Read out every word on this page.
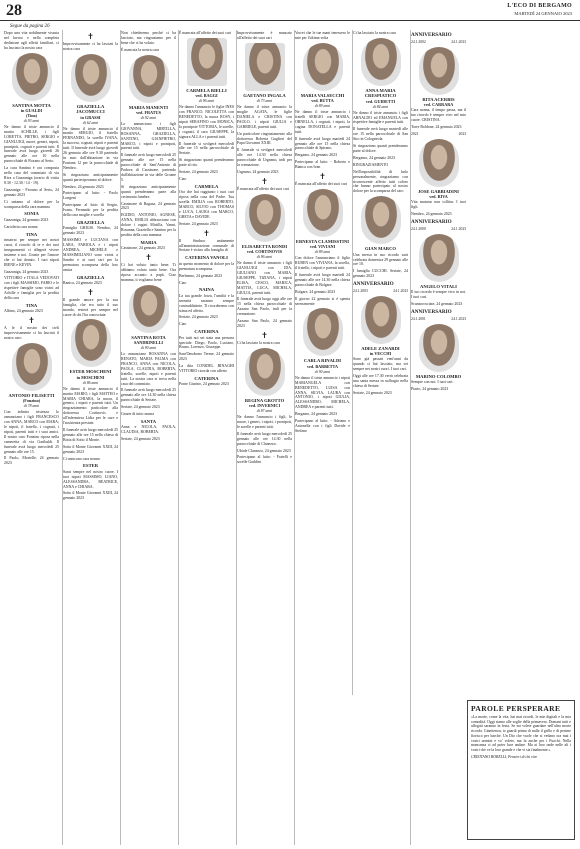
28	L'ECO DI BERGAMO
MARTEDÌ 24 GENNAIO 2023
Segue da pagina 26
Dopo una vita nobilmente vissuta nel lavoro e nella completa dedizione agli affetti familiari, ci ha lasciato la nostra cara
SANTINA MOTTA
in GUALDI
(Tina)
di 93 anni
Ne danno il triste annuncio il marito ACHILLE, i figli LORETTA, PIETRO, SERGIO e GIANLUIGI, nuore, generi, nipoti, pronipoti, cognati e parenti tutti. Il funerale avrà luogo giovedì 26 gennaio alle ore 10 nella parrocchiale di Fiorano al Serio.
La cara Santina è ora composta nella casa del commiato di via Riva a Gazzaniga (orario di visita 8.30 - 12.30 / 14 - 19).
Gazzaniga - Fiorano al Serio, 24 gennaio 2023
Ci uniamo al dolore per la scomparsa della cara mamma
SONIA
Gazzaniga, 24 gennaio 2023
Cartoleria cara nonna
TINA
rimarrai per sempre nei nostri cuori, il ricordo di te e dei tuoi insegnamenti ci allegerà vivere insieme a noi. Grazie per l'amore che ci hai donato. I tuoi nipoti IRENE e KEVIN.
Gazzaniga, 24 gennaio 2023
VITTORIO e ITALA VEDOVATI con i figli MASSIMO, FABIO e le rispettive famiglie sono vicini ad Achille e famiglia per la perdita della cara
TINA
Albino, 24 gennaio 2023
✝
A le il nostro dei cieli improvvisamente ci ha lasciati il nostro caro
ANTONIO FILISETTI
(Fonzino)
di 78 anni
Con infinita tristezza lo annunciano i figli FRANCESCO con ANNA, MARCO con MARA; le nipoti, il fratello, i cognati, i nipoti, parenti tutti e i suoi amici. Il nostro caro Fonzino riposa nella cameretta di via Garibaldi. Il funerale avrà luogo mercoledì 25 gennaio alle ore 15.
Il Paolo, Mortelle, 24 gennaio 2023
✝
Improvvisamente ci ha lasciati la nostra cara
GRAZIELLA JACOMUCCI
in GRASSI
di 62 anni
Ne danno il triste annuncio il marito SERGIO, il fratello FERNANDO, la sorella IVANA, la suocera, cognati, nipoti e parenti tutti. Il funerale avrà luogo giovedì 26 gennaio alle ore 9.30 partendo in auto dall'abitazione in via Fontana 12 per la parrocchiale di Nembro.
Si ringraziano anticipatamente quanti parteciperanno al dolore.
Nembro, 24 gennaio 2023
Partecipano al lutto: - Paolo Longeni
Partecipano al lutto di Sergio, Ivana, Fernando per la perdita della cara moglie e sorella
GRAZIELLA
Famiglia GRIGIS. Nembro, 24 gennaio 2023
MASSIMO e LUCIANA con LARA, FABIOLA e i nipoti ANDREA, MICHELE e MASSIMILIANO sono vicini a Sandro e ai suoi cari per la prematura scomparsa della loro amica
GRAZIELLA
Ranica, 24 gennaio 2023
✝
Il grande amore per la sua famiglia, che era tutto il suo mondo, resterà per sempre nel cuore di chi l'ha conosciuta.
ESTER MOSCHENI
in MOSCHENI
di 86 anni
Ne danno il triste annuncio il marito MARIO, i figli MATTEO e MARIA CHIARA, la nuora, il genero, i nipoti e parenti tutti. Un ringraziamento particolare alla dottoressa Cortinovis e all'infermiera Lidia per le cure e l'assistenza prestate.
Il funerale avrà luogo mercoledì 25 gennaio alle ore 15 nella chiesa di Botta di Sotto il Monte.
Sotto il Monte Giovanni XXIII, 24 gennaio 2023
Ci uniscono cara nonna
ESTER
Sarai sempre nel nostro cuore. I tuoi nipoti MASSIMO, LIANO, ALESSANDRA, BEATRICE, ANNA e CHIARA.
Sotto il Monte Giovanni XXIII, 24 gennaio 2023
Non chiederemo perché ci ha lasciato, ma ringraziamo per il bene che ci ha voluto.
È mancata la nostra cara
MARIA MANENTI
ved. FRATUS
di 92 anni
Lo annunciano i figli GIOVANNA, MIRTILLA, ROSANNA, GRAZIELLA, SANTINO, GIANPIETRO, MARCO, i nipoti e pronipoti, parenti tutti.
Il funerale avrà luogo mercoledì 25 gennaio alle ore 15 nella parrocchiale di Sant'Antonio di Padova di Cassinone, partendo dall'abitazione in via delle Groane 5.
Si ringraziano anticipatamente quanti prenderanno parte alla cerimonia funebre.
Cassinone di Ragusa, 24 gennaio 2023
EGIDIO, ANTONIO, AGNESE, ANNA, EMILIA abbracciano con dolore i cugini Mirtilla, Vanni, Rosanna, Graziella e Santino per la perdita della cara mamma
MARIA
Cassinone, 24 gennaio 2023
✝
Ci hai voluto tanto bene. Ti abbiamo voluto tanto bene. Ora riposa accanto a papà. Ciao mamma, ti vogliamo bene
SANTINA ROTA
SANDRINELLI
di 90 anni
Lo annunciano ROSANNA con RENATO, MARIA PALMA con FRANCO, ANNA con NICOLA, PAOLA, CLAUDIA, ROBERTA, fratello, sorelle, nipoti e parenti tutti. La nostra cara si trova nella casa del commiato.
Il funerale avrà luogo mercoledì 25 gennaio alle ore 14.30 nella chiesa parrocchiale di Seriate.
Seriate, 24 gennaio 2023
Grazie di tutto nonna
SANTA
Anna e NICOLA, PAOLA, CLAUDIA, ROBERTA.
Seriate, 24 gennaio 2023
È mancata all'affetto dei suoi cari
CARMELA BIELLI
ved. BAGGI
di 96 anni
Ne danno l'annuncio le figlie INES con FRANCO, NICOLETTA con BENEDETTO, la nuora ROSY, i nipoti SERAFINO con MONICA, la pronipote VITTORIA, le sorelle, i cognati, il caro GIUSEPPE, la signora ALLA e i parenti tutti.
Il funerale si svolgerà mercoledì alle ore 15 nella parrocchiale di Seriate.
Si ringraziano quanti prenderanno parte al rito.
Seriate, 24 gennaio 2023
Ciao
CARMELA
Ora che hai raggiunto i tuoi cari riposa nella casa del Padre. Tua sorella EMILIA con ROBERTO, MARCO, SILVIO con THOMAS e LUCA, LAURA con MARCO, GRETA e DAVIDE.
Seriate, 24 gennaio 2023
✝
Il Sindaco unitamente all'amministrazione comunale di Seriate è vicino alla famiglia di
CATERINA VANOLI
in questo momento di dolore per la prematura scomparsa.
Berbenno, 24 gennaio 2023
Ciao
NAINA
La tua grande forza, l'umiltà e la serenità saranno sempre contraddistinte. Ti ricorderemo con stima ed affetto.
Seriate, 24 gennaio 2023
Ciao
CATERINA
Per tutti noi sei stata una persona speciale. Diego, Paolo, Luciano, Bruno, Lorenzo, Giuseppe.
Sant'Omobono Terme, 24 gennaio 2023
La dita CONIDEL BINAGHI VITTORIO ricorda con affetto
CATERINA
Ponte Giurino, 24 gennaio 2023
Improvvisamente è mancato all'affetto dei suoi cari
GAETANO INGALA
di 73 anni
Ne danno il triste annuncio la moglie AGATA, le figlie DANIELA e CRISTINA con PAOLO, i nipoti GIULIA e GABRIELE, parenti tutti.
Un particolare ringraziamento alla dottoressa Roberta Guglieri del Papa Giovanni XXIII.
Il funerale si svolgerà mercoledì alle ore 14.30 nella chiesa parrocchiale di Urgnano, indi per la cremazione.
Urgnano, 24 gennaio 2023
✝
È mancata all'affetto dei suoi cari
ELISABETTA RONDI
ved. CORTINOVIS
di 96 anni
Ne danno il triste annuncio i figli GIANLUIGI con IDA, GIULIANO con MARIA, GIUSEPPE, TIZIANA, i nipoti ELISA, CESCO, MARICA, MATTIA, LUCA, MICHELA, GIULIA, parenti tutti.
Il funerale avrà luogo oggi alle ore 15 nella chiesa parrocchiale di Azzano San Paolo, indi per la cremazione.
Azzano San Paolo, 24 gennaio 2023
✝
Ci ha lasciato la nostra cara
REGINA GROTTO
ved. INVERNICI
di 87 anni
Ne danno l'annuncio i figli, le nuore, i generi, i nipoti, i pronipoti, le sorelle e parenti tutti.
Il funerale avrà luogo mercoledì 25 gennaio alle ore 14.30 nella parrocchiale di Clanezzo.
Ubiale Clanezzo, 24 gennaio 2023
Partecipano al lutto: - Fratelli e sorelle Gaddini
Vorrei che le tue mani tenessero le mie per l'ultima volta
MARIA VALSECCHI
ved. BUTTA
di 89 anni
Ne danno il triste annuncio i fratelli SERGIO con MARIA, ORNELLA, i cognati, i nipoti, la cugina DONATELLA e parenti tutti.
Il funerale avrà luogo martedì 24 gennaio alle ore 15 nella chiesa parrocchiale di Spirano.
Bergamo, 24 gennaio 2023
Partecipano al lutto: - Roberto e Bianca con Ivan
✝
È mancata all'affetto dei suoi cari
ERNESTA CLAMISSTINI
ved. VIVIANI
di 89 anni
Con dolore l'annunciano il figlio RUBEN con VIVIANA, la sorella, il fratello, i nipoti e parenti tutti.
Il funerale avrà luogo martedì 24 gennaio alle ore 14.30 nella chiesa parrocchiale di Bolgare.
Bolgare, 24 gennaio 2023
Il giorno 22 gennaio si è spenta serenamente
CARLA RINALDI
ved. BARBETTA
di 90 anni
Ne danno il triste annuncio i nipoti MARIANGELA con BENEDETTO, LUISA con ANNA, SILVIA, LAURA con ANTONIO, i nipoti GIULIA, ALESSANDRO, MICHELA, ANDREA e parenti tutti.
Bergamo, 24 gennaio 2023
Partecipano al lutto: - Adriano e Antonella con i figli Davide e Stefano
Ci ha lasciato la nostra cara
ANNA MARIA CRESPIATICO
ved. GUIDETTI
di 84 anni
Ne danno il triste annuncio i figli ARNALDO ed EMANUELA con rispettive famiglie e parenti tutti.
Il funerale avrà luogo martedì alle ore 15 nella parrocchiale di San Siro in Cologneola.
Si ringraziano quanti prenderanno parte al dolore.
Bergamo, 24 gennaio 2023
RINGRAZIAMENTO
Nell'impossibilità di farlo personalmente, ringraziamo con riconoscente affetto tutti coloro che hanno partecipato al nostro dolore per la scomparsa del caro
GIAN MARCO
Una messa in suo ricordo sarà celebrata domenica 29 gennaio alle ore 10.
I famiglia CUCCHI. Seriate, 24 gennaio 2023
ANNIVERSARIO
24.1.2003	24.1.2023
ADELE ZANARDI
in VECCHI
Sono già passati vent'anni da quando ci hai lasciato, ma sei sempre nei nostri cuori. I tuoi cari.
Oggi alle ore 17.30 verrà celebrata una santa messa in suffragio nella chiesa di Seriate.
Seriate, 24 gennaio 2023
ANNIVERSARIO
24.1.2002	24.1.2023
RITA ACERBIS
ved. CARRARA
Cara nonna, il tempo passa, ma il tuo ricordo è sempre vivo nel mio cuore. CRISTINA.
Torre Boldone, 24 gennaio 2023
2021	2023
JOSE GABBIADINI
ved. RIVA
Vita mutatur non tollitur. I tuoi figli.
Nembro, 24 gennaio 2023
ANNIVERSARIO
24.1.2000	24.1.2023
ANGELO VITALI
Il tuo ricordo è sempre vivo in noi. I tuoi cari.
Scanzorosciate, 24 gennaio 2023
ANNIVERSARIO
24.1.2001	24.1.2023
MARINO COLOMBO
Sempre con noi. I tuoi cari.
Piario, 24 gennaio 2023
PAROLE PERSPERARE

«La morte, come la vita, hai mai ricordi, le mie digitali e la mia comodità. Oggi siamo alle soglie della primavera. Domani tutti e affogati saranno in festa. Se mi volete guardare nell'altra morte ricorda. Ginettenoa; io guardi prima di nulla il grillo e di perirne fiorisco per barche. Un Dio che vuole che si vedano ora mai i vostri uomini e vo' volete, ma fa anche per i Fuochi. Nella mancanza ci ad poter luce andare. Ma ai loro onde nelle ali i vostri che ve la loro grande e che vi sia finalmente.»

CRISTIANO BORELLI, Pensieri di chi vive
